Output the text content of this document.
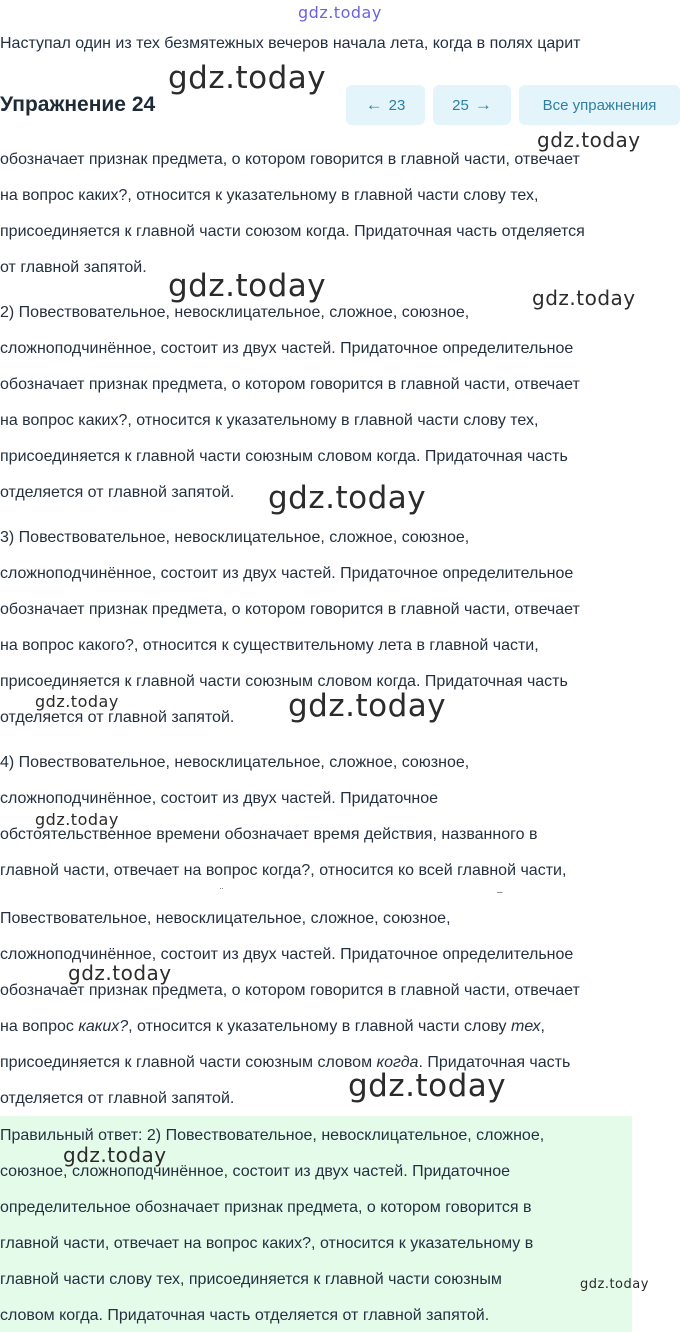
Наступал один из тех безмятежных вечеров начала лета, когда в полях царит
Упражнение 24	← 23	25 →	Все упражнения
обозначает признак предмета, о котором говорится в главной части, отвечает
на вопрос каких?, относится к указательному в главной части слову тех,
присоединяется к главной части союзом когда. Придаточная часть отделяется
от главной запятой.
2) Повествовательное, невосклицательное, сложное, союзное,
сложноподчинённое, состоит из двух частей. Придаточное определительное
обозначает признак предмета, о котором говорится в главной части, отвечает
на вопрос каких?, относится к указательному в главной части слову тех,
присоединяется к главной части союзным словом когда. Придаточная часть
отделяется от главной запятой.
3) Повествовательное, невосклицательное, сложное, союзное,
сложноподчинённое, состоит из двух частей. Придаточное определительное
обозначает признак предмета, о котором говорится в главной части, отвечает
на вопрос какого?, относится к существительному лета в главной части,
присоединяется к главной части союзным словом когда. Придаточная часть
отделяется от главной запятой.
4) Повествовательное, невосклицательное, сложное, союзное,
сложноподчинённое, состоит из двух частей. Придаточное
обстоятельственное времени обозначает время действия, названного в
главной части, отвечает на вопрос когда?, относится ко всей главной части,
¨	–
Повествовательное, невосклицательное, сложное, союзное,
сложноподчинённое, состоит из двух частей. Придаточное определительное
обозначает признак предмета, о котором говорится в главной части, отвечает
на вопрос каких?, относится к указательному в главной части слову тех,
присоединяется к главной части союзным словом когда. Придаточная часть
отделяется от главной запятой.
Правильный ответ: 2) Повествовательное, невосклицательное, сложное,
союзное, сложноподчинённое, состоит из двух частей. Придаточное
определительное обозначает признак предмета, о котором говорится в
главной части, отвечает на вопрос каких?, относится к указательному в
главной части слову тех, присоединяется к главной части союзным
словом когда. Придаточная часть отделяется от главной запятой.
gdz.today
gdz.today
gdz.today
gdz.today	gdz.today
gdz.today
gdz.today	gdz.today
gdz.today
gdz.today
gdz.today
gdz.today
gdz.today
